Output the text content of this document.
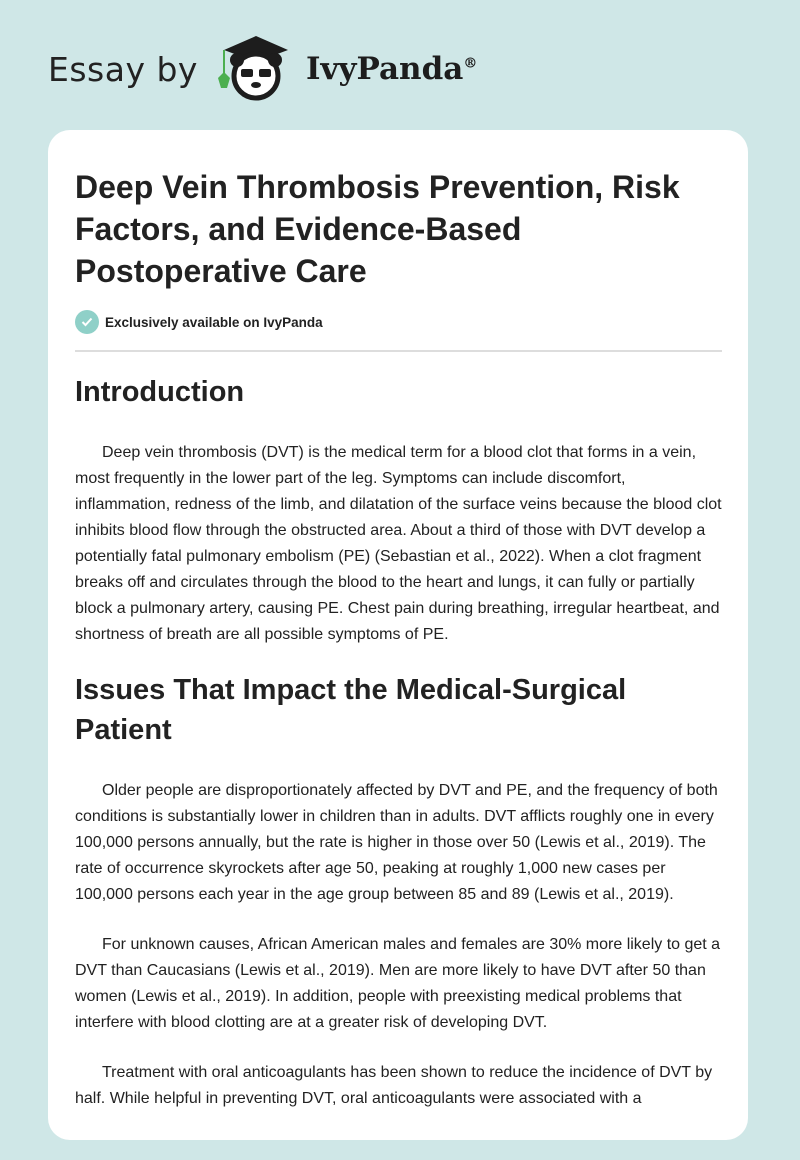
Essay by	IvyPanda®
Deep Vein Thrombosis Prevention, Risk Factors, and Evidence-Based Postoperative Care
Exclusively available on IvyPanda
Introduction

Deep vein thrombosis (DVT) is the medical term for a blood clot that forms in a vein, most frequently in the lower part of the leg. Symptoms can include discomfort, inflammation, redness of the limb, and dilatation of the surface veins because the blood clot inhibits blood flow through the obstructed area. About a third of those with DVT develop a potentially fatal pulmonary embolism (PE) (Sebastian et al., 2022). When a clot fragment breaks off and circulates through the blood to the heart and lungs, it can fully or partially block a pulmonary artery, causing PE. Chest pain during breathing, irregular heartbeat, and shortness of breath are all possible symptoms of PE.

Issues That Impact the Medical-Surgical Patient

Older people are disproportionately affected by DVT and PE, and the frequency of both conditions is substantially lower in children than in adults. DVT afflicts roughly one in every 100,000 persons annually, but the rate is higher in those over 50 (Lewis et al., 2019). The rate of occurrence skyrockets after age 50, peaking at roughly 1,000 new cases per 100,000 persons each year in the age group between 85 and 89 (Lewis et al., 2019).

For unknown causes, African American males and females are 30% more likely to get a DVT than Caucasians (Lewis et al., 2019). Men are more likely to have DVT after 50 than women (Lewis et al., 2019). In addition, people with preexisting medical problems that interfere with blood clotting are at a greater risk of developing DVT.

Treatment with oral anticoagulants has been shown to reduce the incidence of DVT by half. While helpful in preventing DVT, oral anticoagulants were associated with a
